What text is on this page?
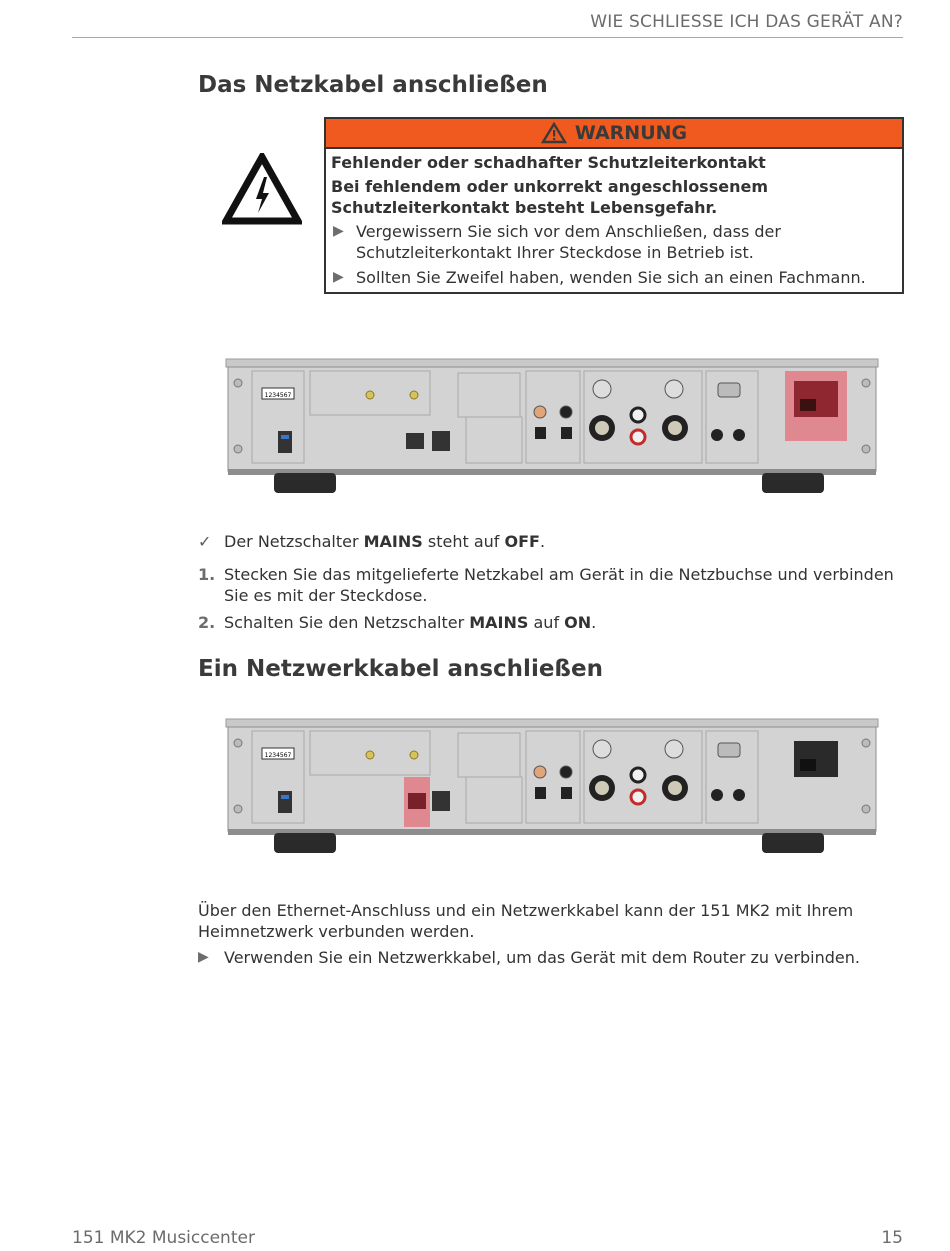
WIE SCHLIESSE ICH DAS GERÄT AN?
Das Netzkabel anschließen
WARNUNG
Fehlender oder schadhafter Schutzleiterkontakt
Bei fehlendem oder unkorrekt angeschlossenem Schutzleiterkontakt besteht Lebensgefahr.
▶ Vergewissern Sie sich vor dem Anschließen, dass der Schutzleiterkontakt Ihrer Steckdose in Betrieb ist.
▶ Sollten Sie Zweifel haben, wenden Sie sich an einen Fachmann.
1234567
✓ Der Netzschalter MAINS steht auf OFF.
1. Stecken Sie das mitgelieferte Netzkabel am Gerät in die Netzbuchse und verbinden Sie es mit der Steckdose.
2. Schalten Sie den Netzschalter MAINS auf ON.
Ein Netzwerkkabel anschließen
1234567
Über den Ethernet-Anschluss und ein Netzwerkkabel kann der 151 MK2 mit Ihrem Heimnetzwerk verbunden werden.
▶ Verwenden Sie ein Netzwerkkabel, um das Gerät mit dem Router zu verbinden.
151 MK2 Musiccenter	15
